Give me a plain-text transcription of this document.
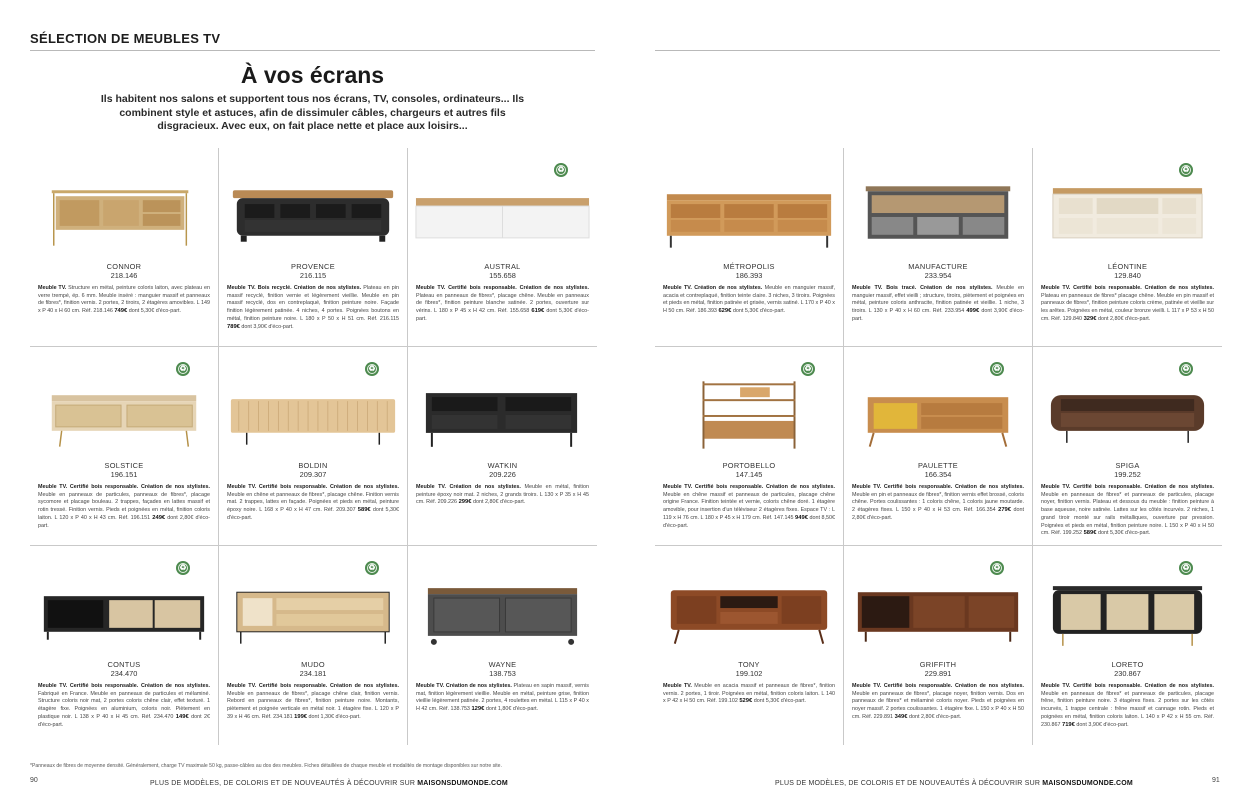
SÉLECTION DE MEUBLES TV
À vos écrans
Ils habitent nos salons et supportent tous nos écrans, TV, consoles, ordinateurs... Ils combinent style et astuces, afin de dissimuler câbles, chargeurs et autres fils disgracieux. Avec eux, on fait place nette et place aux loisirs...
CONNOR
218.146
Meuble TV. Structure en métal, peinture coloris laiton, avec plateau en verre trempé, ép. 6 mm. Meuble inséré : manguier massif et panneaux de fibres*, finition vernis. 2 portes, 2 tiroirs, 2 étagères amovibles. L 149 x P 40 x H 60 cm. Réf. 218.146 749€ dont 5,30€ d'éco-part.
PROVENCE
216.115
Meuble TV. Bois recyclé. Création de nos stylistes. Plateau en pin massif recyclé, finition vernie et légèrement vieillie. Meuble en pin massif recyclé, dos en contreplaqué, finition peinture noire. Façade finition légèrement patinée. 4 niches, 4 portes. Poignées boutons en métal, finition peinture noire. L 180 x P 50 x H 51 cm. Réf. 216.115 789€ dont 3,90€ d'éco-part.
♻
AUSTRAL
155.658
Meuble TV. Certifié bois responsable. Création de nos stylistes. Plateau en panneaux de fibres*, placage chêne. Meuble en panneaux de fibres*, finition peinture blanche satinée. 2 portes, ouverture sur vérins. L 180 x P 45 x H 42 cm. Réf. 155.658 619€ dont 5,30€ d'éco-part.
♻
SOLSTICE
196.151
Meuble TV. Certifié bois responsable. Création de nos stylistes. Meuble en panneaux de particules, panneaux de fibres*, placage sycomore et placage bouleau. 2 trappes, façades en lattes massif et rotin tressé. Finition vernis. Pieds et poignées en métal, finition coloris laiton. L 120 x P 40 x H 43 cm. Réf. 196.151 249€ dont 2,80€ d'éco-part.
♻
BOLDIN
209.307
Meuble TV. Certifié bois responsable. Création de nos stylistes. Meuble en chêne et panneaux de fibres*, placage chêne. Finition vernis mat. 2 trappes, lattes en façade. Poignées et pieds en métal, peinture époxy noire. L 168 x P 40 x H 47 cm. Réf. 209.307 589€ dont 5,30€ d'éco-part.
WATKIN
209.226
Meuble TV. Création de nos stylistes. Meuble en métal, finition peinture époxy noir mat. 2 niches, 2 grands tiroirs. L 130 x P 35 x H 45 cm. Réf. 209.226 299€ dont 2,80€ d'éco-part.
♻
CONTUS
234.470
Meuble TV. Certifié bois responsable. Création de nos stylistes. Fabriqué en France. Meuble en panneaux de particules et mélaminé. Structure coloris noir mat, 2 portes coloris chêne clair, effet texturé. 1 étagère fixe. Poignées en aluminium, coloris noir. Piètement en plastique noir. L 138 x P 40 x H 45 cm. Réf. 234.470 149€ dont 2€ d'éco-part.
♻
MUDO
234.181
Meuble TV. Certifié bois responsable. Création de nos stylistes. Meuble en panneaux de fibres*, placage chêne clair, finition vernis. Rebord en panneaux de fibres*, finition peinture noire. Montants, piètement et poignée verticale en métal noir. 1 étagère fixe. L 120 x P 39 x H 46 cm. Réf. 234.181 199€ dont 1,30€ d'éco-part.
WAYNE
138.753
Meuble TV. Création de nos stylistes. Plateau en sapin massif, vernis mat, finition légèrement vieillie. Meuble en métal, peinture grise, finition vieillie légèrement patinée. 2 portes, 4 roulettes en métal. L 115 x P 40 x H 42 cm. Réf. 138.753 129€ dont 1,80€ d'éco-part.
*Panneaux de fibres de moyenne densité. Généralement, charge TV maximale 50 kg, passe-câbles au dos des meubles. Fiches détaillées de chaque meuble et modalités de montage disponibles sur notre site.
90	PLUS DE MODÈLES, DE COLORIS ET DE NOUVEAUTÉS À DÉCOUVRIR SUR MAISONSDUMONDE.COM
MÉTROPOLIS
186.393
Meuble TV. Création de nos stylistes. Meuble en manguier massif, acacia et contreplaqué, finition teinte claire. 3 niches, 3 tiroirs. Poignées et pieds en métal, finition patinée et grisée, vernis satiné. L 170 x P 40 x H 50 cm. Réf. 186.393 629€ dont 5,30€ d'éco-part.
MANUFACTURE
233.954
Meuble TV. Bois tracé. Création de nos stylistes. Meuble en manguier massif, effet vieilli ; structure, tiroirs, piètement et poignées en métal, peinture coloris anthracite, finition patinée et vieillie. 1 niche, 3 tiroirs. L 130 x P 40 x H 60 cm. Réf. 233.954 499€ dont 3,90€ d'éco-part.
♻
LÉONTINE
129.840
Meuble TV. Certifié bois responsable. Création de nos stylistes. Plateau en panneaux de fibres* placage chêne. Meuble en pin massif et panneaux de fibres*, finition peinture coloris crème, patinée et vieillie sur les arêtes. Poignées en métal, couleur bronze vieilli. L 117 x P 53 x H 50 cm. Réf. 129.840 329€ dont 2,80€ d'éco-part.
♻
PORTOBELLO
147.145
Meuble TV. Certifié bois responsable. Création de nos stylistes. Meuble en chêne massif et panneaux de particules, placage chêne origine France. Finition teintée et vernie, coloris chêne doré. 1 étagère amovible, pour insertion d'un téléviseur 2 étagères fixes. Espace TV : L 119 x H 76 cm. L 180 x P 45 x H 179 cm. Réf. 147.145 949€ dont 8,50€ d'éco-part.
♻
PAULETTE
166.354
Meuble TV. Certifié bois responsable. Création de nos stylistes. Meuble en pin et panneaux de fibres*, finition vernis effet brossé, coloris chêne. Portes coulissantes : 1 coloris chêne, 1 coloris jaune moutarde. 2 étagères fixes. L 150 x P 40 x H 53 cm. Réf. 166.354 279€ dont 2,80€ d'éco-part.
♻
SPIGA
199.252
Meuble TV. Certifié bois responsable. Création de nos stylistes. Meuble en panneaux de fibres* et panneaux de particules, placage noyer, finition vernis. Plateau et dessous du meuble : finition peinture à base aqueuse, noire satinée. Lattes sur les côtés incurvés. 2 niches, 1 grand tiroir monté sur rails métalliques, ouverture par pression. Poignées et pieds en métal, finition peinture noire. L 150 x P 40 x H 50 cm. Réf. 199.252 589€ dont 5,30€ d'éco-part.
TONY
199.102
Meuble TV. Meuble en acacia massif et panneaux de fibres*, finition vernis. 2 portes, 1 tiroir. Poignées en métal, finition coloris laiton. L 140 x P 42 x H 50 cm. Réf. 199.102 529€ dont 5,30€ d'éco-part.
♻
GRIFFITH
229.891
Meuble TV. Certifié bois responsable. Création de nos stylistes. Meuble en panneaux de fibres*, placage noyer, finition vernis. Dos en panneaux de fibres* et mélaminé coloris noyer. Pieds et poignées en noyer massif. 2 portes coulissantes. 1 étagère fixe. L 150 x P 40 x H 50 cm. Réf. 229.891 349€ dont 2,80€ d'éco-part.
♻
LORETO
230.867
Meuble TV. Certifié bois responsable. Création de nos stylistes. Meuble en panneaux de fibres* et panneaux de particules, placage frêne, finition peinture noire. 3 étagères fixes. 2 portes sur les côtés incurvés, 1 trappe centrale : frêne massif et cannage rotin. Pieds et poignées en métal, finition coloris laiton. L 140 x P 42 x H 55 cm. Réf. 230.867 719€ dont 3,90€ d'éco-part.
91
PLUS DE MODÈLES, DE COLORIS ET DE NOUVEAUTÉS À DÉCOUVRIR SUR MAISONSDUMONDE.COM
